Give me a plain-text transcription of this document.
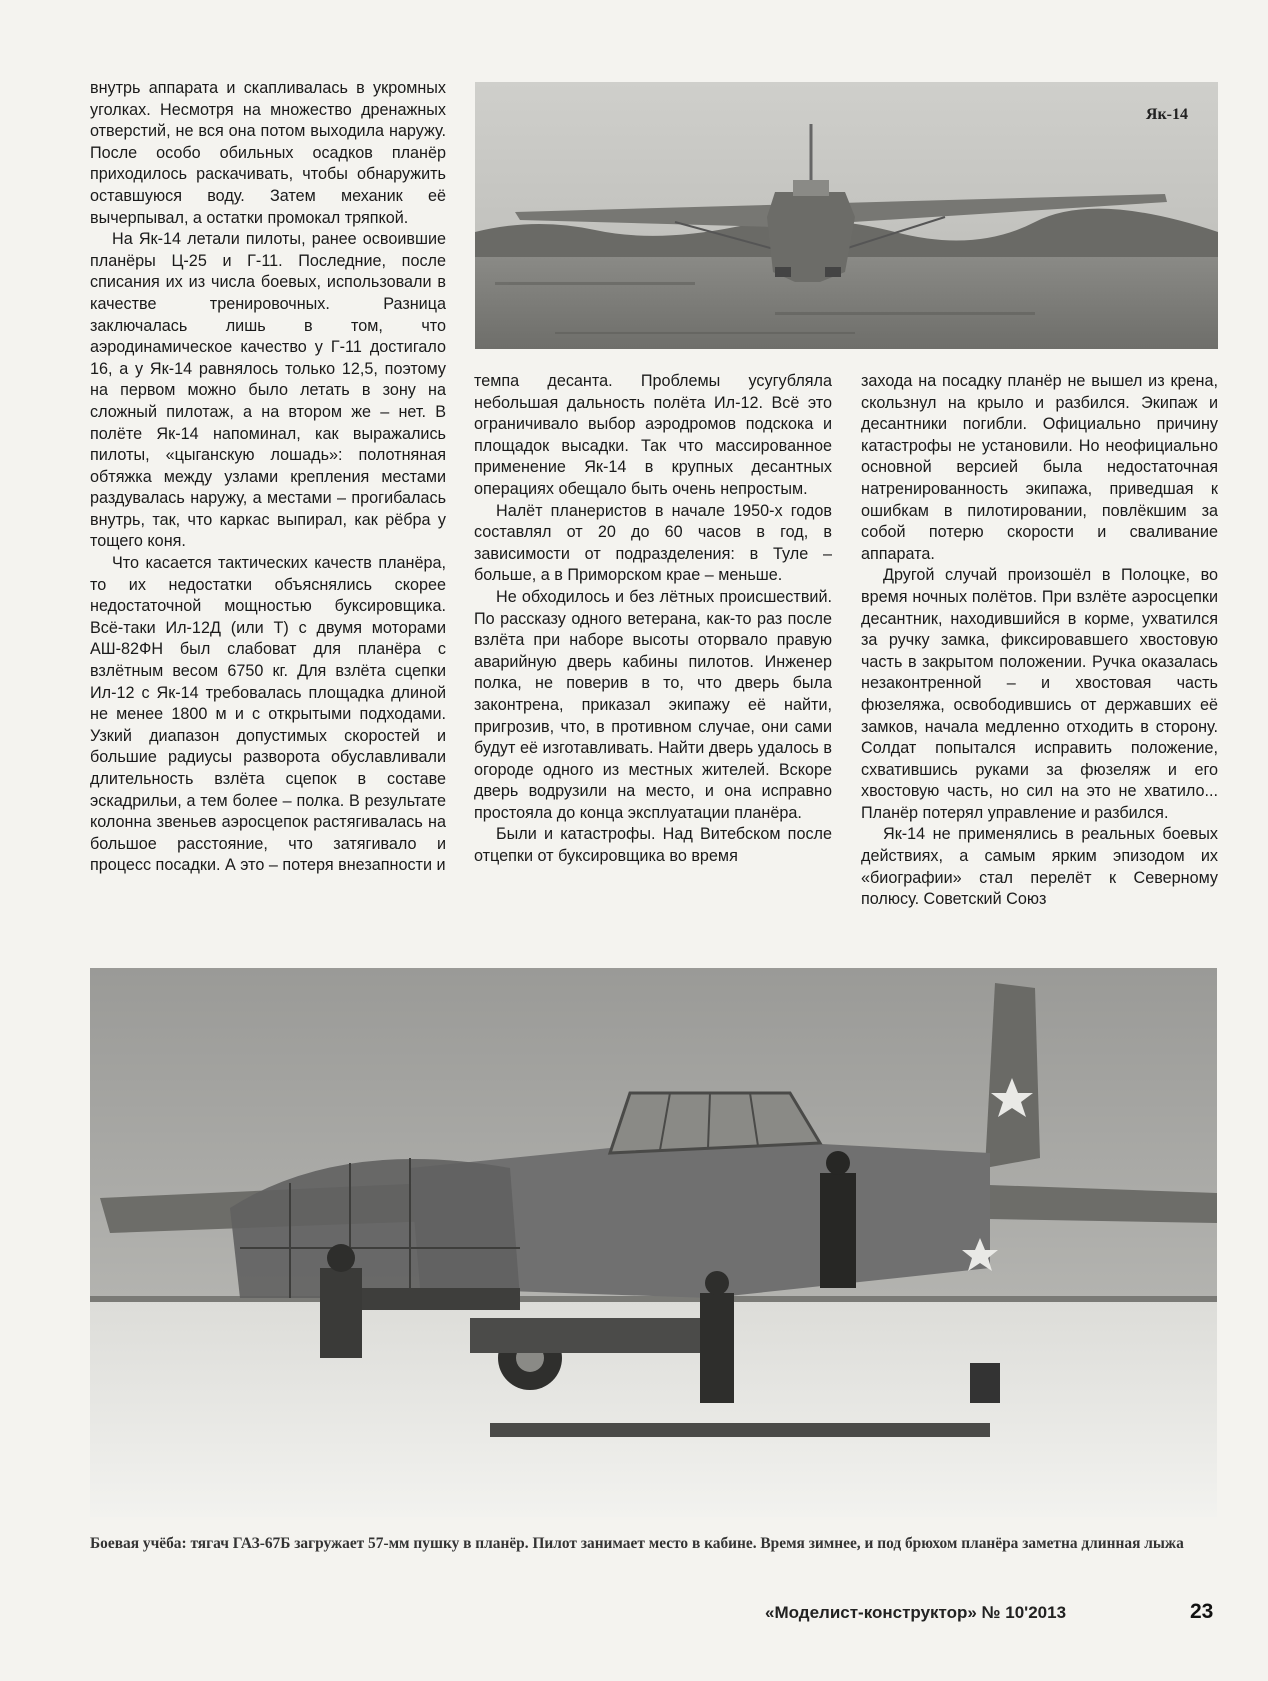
внутрь аппарата и скапливалась в укромных уголках. Несмотря на множество дренажных отверстий, не вся она потом выходила наружу. После особо обильных осадков планёр приходилось раскачивать, чтобы обнаружить оставшуюся воду. Затем механик её вычерпывал, а остатки промокал тряпкой.

На Як-14 летали пилоты, ранее освоившие планёры Ц-25 и Г-11. Последние, после списания их из числа боевых, использовали в качестве тренировочных. Разница заключалась лишь в том, что аэродинамическое качество у Г-11 достигало 16, а у Як-14 равнялось только 12,5, поэтому на первом можно было летать в зону на сложный пилотаж, а на втором же – нет. В полёте Як-14 напоминал, как выражались пилоты, «цыганскую лошадь»: полотняная обтяжка между узлами крепления местами раздувалась наружу, а местами – прогибалась внутрь, так, что каркас выпирал, как рёбра у тощего коня.

Что касается тактических качеств планёра, то их недостатки объяснялись скорее недостаточной мощностью буксировщика. Всё-таки Ил-12Д (или Т) с двумя моторами АШ-82ФН был слабоват для планёра с взлётным весом 6750 кг. Для взлёта сцепки Ил-12 с Як-14 требовалась площадка длиной не менее 1800 м и с открытыми подходами. Узкий диапазон допустимых скоростей и большие радиусы разворота обуславливали длительность взлёта сцепок в составе эскадрильи, а тем более – полка. В результате колонна звеньев аэросцепок растягивалась на большое расстояние, что затягивало и процесс посадки. А это – потеря внезапности и

Як-14

темпа десанта. Проблемы усугубляла небольшая дальность полёта Ил-12. Всё это ограничивало выбор аэродромов подскока и площадок высадки. Так что массированное применение Як-14 в крупных десантных операциях обещало быть очень непростым.

Налёт планеристов в начале 1950-х годов составлял от 20 до 60 часов в год, в зависимости от подразделения: в Туле – больше, а в Приморском крае – меньше.

Не обходилось и без лётных происшествий. По рассказу одного ветерана, как-то раз после взлёта при наборе высоты оторвало правую аварийную дверь кабины пилотов. Инженер полка, не поверив в то, что дверь была законтрена, приказал экипажу её найти, пригрозив, что, в противном случае, они сами будут её изготавливать. Найти дверь удалось в огороде одного из местных жителей. Вскоре дверь водрузили на место, и она исправно простояла до конца эксплуатации планёра.

Были и катастрофы. Над Витебском после отцепки от буксировщика во время

захода на посадку планёр не вышел из крена, скользнул на крыло и разбился. Экипаж и десантники погибли. Официально причину катастрофы не установили. Но неофициально основной версией была недостаточная натренированность экипажа, приведшая к ошибкам в пилотировании, повлёкшим за собой потерю скорости и сваливание аппарата.

Другой случай произошёл в Полоцке, во время ночных полётов. При взлёте аэросцепки десантник, находившийся в корме, ухватился за ручку замка, фиксировавшего хвостовую часть в закрытом положении. Ручка оказалась незаконтренной – и хвостовая часть фюзеляжа, освободившись от державших её замков, начала медленно отходить в сторону. Солдат попытался исправить положение, схватившись руками за фюзеляж и его хвостовую часть, но сил на это не хватило... Планёр потерял управление и разбился.

Як-14 не применялись в реальных боевых действиях, а самым ярким эпизодом их «биографии» стал перелёт к Северному полюсу. Советский Союз

Боевая учёба: тягач ГАЗ-67Б загружает 57-мм пушку в планёр. Пилот занимает место в кабине. Время зимнее, и под брюхом планёра заметна длинная лыжа
«Моделист-конструктор» № 10'2013	23
